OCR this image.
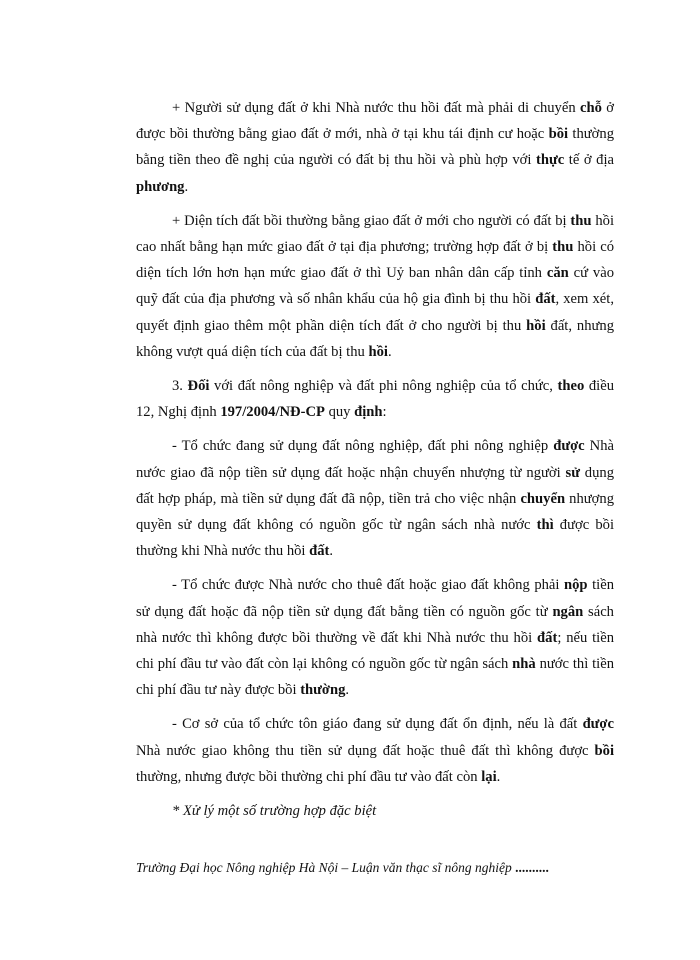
+ Người sử dụng đất ở khi Nhà nước thu hồi đất mà phải di chuyển chỗ ở được bồi thường bằng giao đất ở mới, nhà ở tại khu tái định cư hoặc bồi thường bằng tiền theo đề nghị của người có đất bị thu hồi và phù hợp với thực tế ở địa phương.

+ Diện tích đất bồi thường bằng giao đất ở mới cho người có đất bị thu hồi cao nhất bằng hạn mức giao đất ở tại địa phương; trường hợp đất ở bị thu hồi có diện tích lớn hơn hạn mức giao đất ở thì Uỷ ban nhân dân cấp tỉnh căn cứ vào quỹ đất của địa phương và số nhân khẩu của hộ gia đình bị thu hồi đất, xem xét, quyết định giao thêm một phần diện tích đất ở cho người bị thu hồi đất, nhưng không vượt quá diện tích của đất bị thu hồi.

3. Đối với đất nông nghiệp và đất phi nông nghiệp của tổ chức, theo điều 12, Nghị định 197/2004/NĐ-CP quy định:

- Tổ chức đang sử dụng đất nông nghiệp, đất phi nông nghiệp được Nhà nước giao đã nộp tiền sử dụng đất hoặc nhận chuyển nhượng từ người sử dụng đất hợp pháp, mà tiền sử dụng đất đã nộp, tiền trả cho việc nhận chuyển nhượng quyền sử dụng đất không có nguồn gốc từ ngân sách nhà nước thì được bồi thường khi Nhà nước thu hồi đất.

- Tổ chức được Nhà nước cho thuê đất hoặc giao đất không phải nộp tiền sử dụng đất hoặc đã nộp tiền sử dụng đất bằng tiền có nguồn gốc từ ngân sách nhà nước thì không được bồi thường về đất khi Nhà nước thu hồi đất; nếu tiền chi phí đầu tư vào đất còn lại không có nguồn gốc từ ngân sách nhà nước thì tiền chi phí đầu tư này được bồi thường.

- Cơ sở của tổ chức tôn giáo đang sử dụng đất ổn định, nếu là đất được Nhà nước giao không thu tiền sử dụng đất hoặc thuê đất thì không được bồi thường, nhưng được bồi thường chi phí đầu tư vào đất còn lại.

* Xử lý một số trường hợp đặc biệt

Trường Đại học Nông nghiệp Hà Nội – Luận văn thạc sĩ nông nghiệp ..........
